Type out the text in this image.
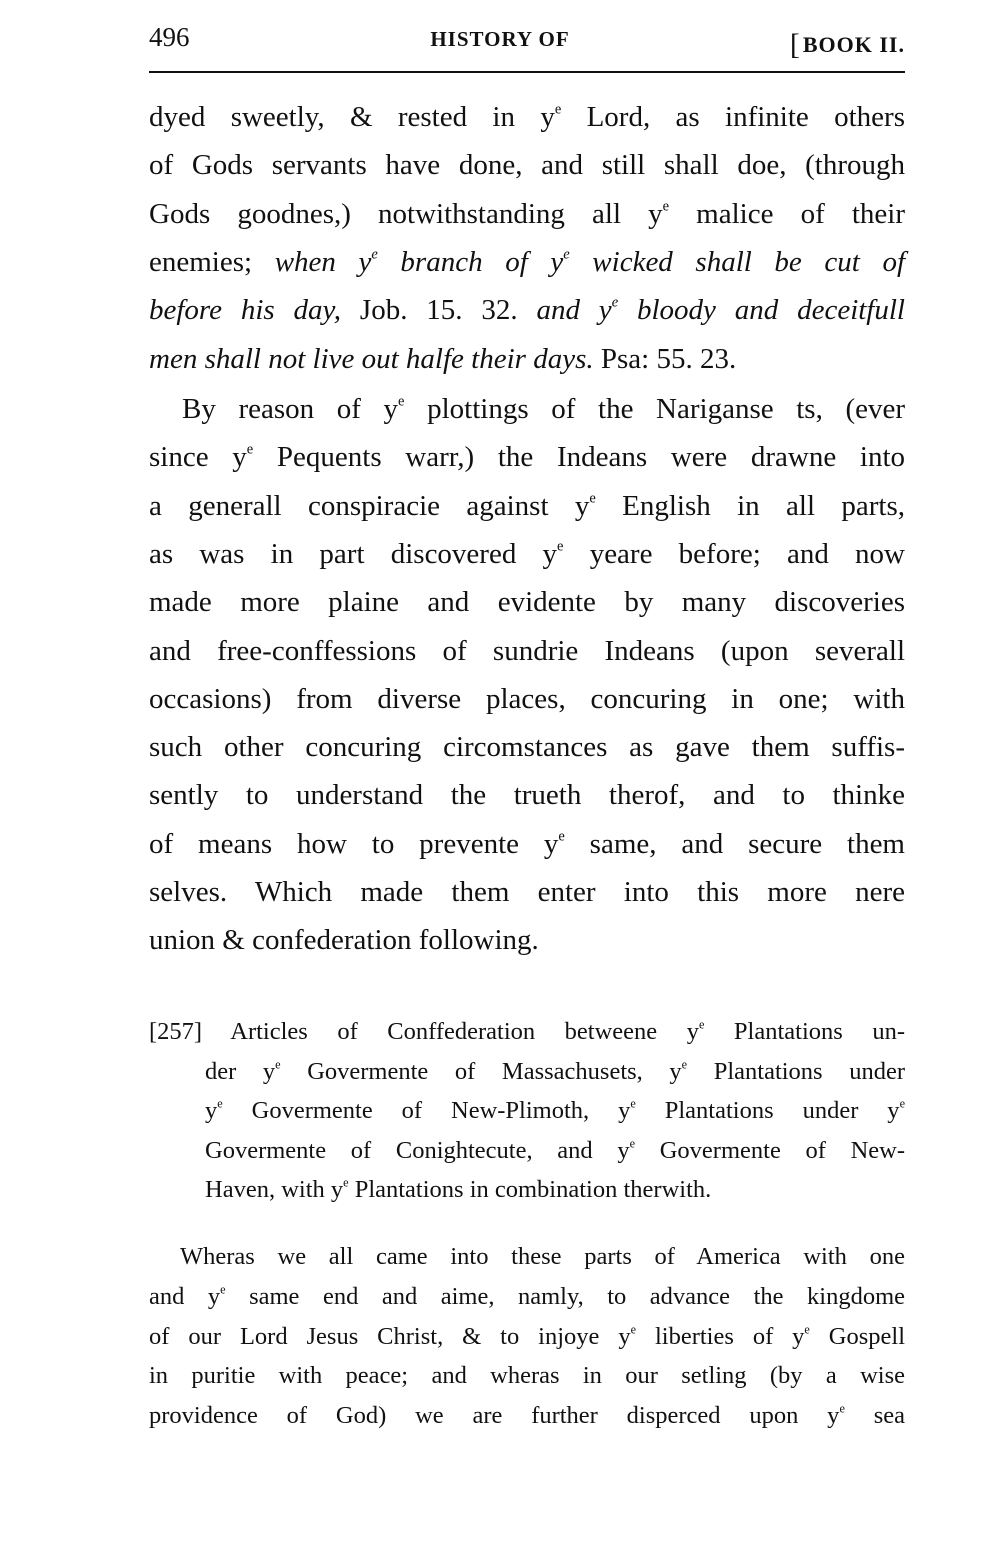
496	HISTORY OF	[BOOK II.
dyed sweetly, & rested in $y^e$ Lord, as infinite others
of Gods servants have done, and still shall doe, (through
Gods goodnes,) notwithstanding all $y^e$ malice of their
enemies; when $y^e$ branch of $y^e$ wicked shall be cut of
before his day, Job. 15. 32. and $y^e$ bloody and deceitfull
men shall not live out halfe their days. Psa: 55. 23.
By reason of $y^e$ plottings of the Nariganse ts, (ever
since $y^e$ Pequents warr,) the Indeans were drawne into
a generall conspiracie against $y^e$ English in all parts,
as was in part discovered $y^e$ yeare before; and now
made more plaine and evidente by many discoveries
and free-conffessions of sundrie Indeans (upon severall
occasions) from diverse places, concuring in one; with
such other concuring circomstances as gave them suffis-
sently to understand the trueth therof, and to thinke
of means how to prevente $y^e$ same, and secure them
selves. Which made them enter into this more nere
union & confederation following.
[257] Articles of Conffederation betweene $y^e$ Plantations un-
der $y^e$ Govermente of Massachusets, $y^e$ Plantations under
$y^e$ Govermente of New-Plimoth, $y^e$ Plantations under $y^e$
Govermente of Conightecute, and $y^e$ Govermente of New-
Haven, with $y^e$ Plantations in combination therwith.
Wheras we all came into these parts of America with one
and $y^e$ same end and aime, namly, to advance the kingdome
of our Lord Jesus Christ, & to injoye $y^e$ liberties of $y^e$ Gospell
in puritie with peace; and wheras in our setling (by a wise
providence of God) we are further disperced upon $y^e$ sea
